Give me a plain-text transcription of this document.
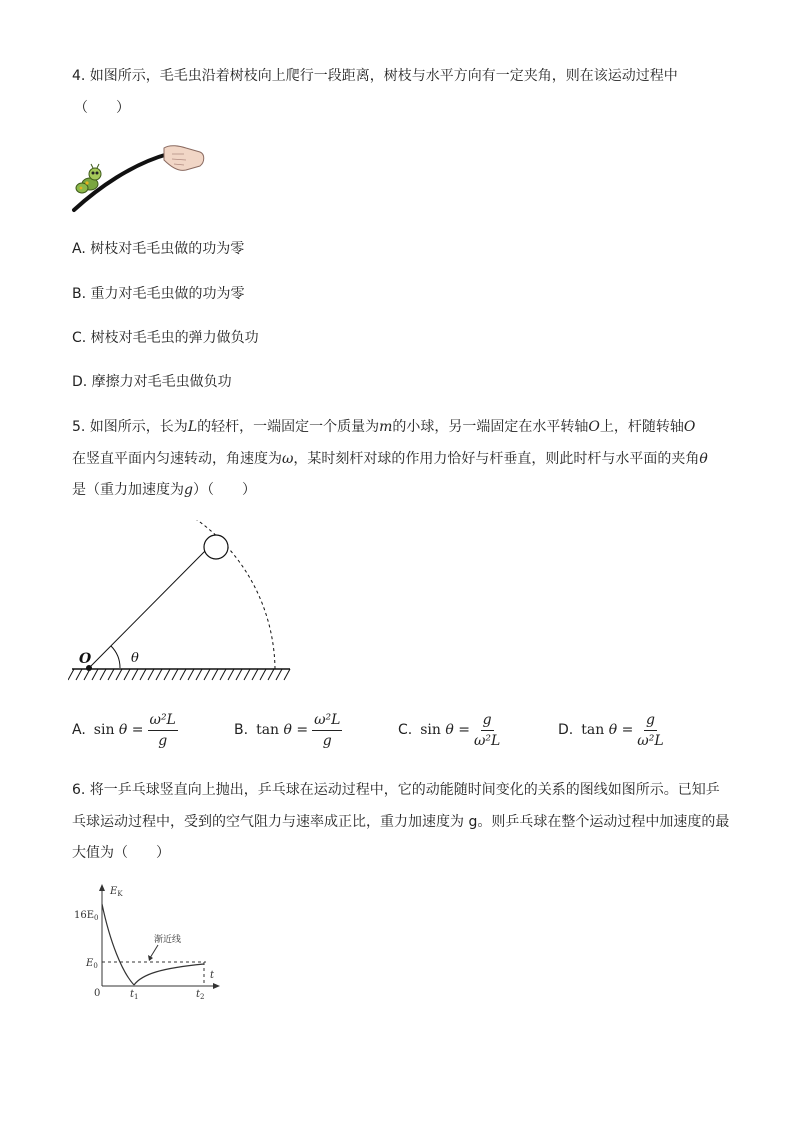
4. 如图所示，毛毛虫沿着树枝向上爬行一段距离，树枝与水平方向有一定夹角，则在该运动过程中
（　　）
A. 树枝对毛毛虫做的功为零
B. 重力对毛毛虫做的功为零
C. 树枝对毛毛虫的弹力做负功
D. 摩擦力对毛毛虫做负功
5. 如图所示，长为L的轻杆，一端固定一个质量为m的小球，另一端固定在水平转轴O上，杆随转轴O
在竖直平面内匀速转动，角速度为ω，某时刻杆对球的作用力恰好与杆垂直，则此时杆与水平面的夹角θ
是（重力加速度为g）（　　）
O	θ
A. sin
$\theta = \frac{\text{ω²L}}{g}$	B. tan
$\theta = \frac{\text{ω²L}}{g}$	C. sin
$\theta = \frac{g}{\text{ω²L}}$	D. tan
$\theta = \frac{g}{\text{ω²L}}$
6. 将一乒乓球竖直向上抛出，乒乓球在运动过程中，它的动能随时间变化的关系的图线如图所示。已知乒
乓球运动过程中，受到的空气阻力与速率成正比，重力加速度为 g。则乒乓球在整个运动过程中加速度的最
大值为（　　）
渐近线
$E_K$
t
$16E_0$
$E_0$
0	$t_1$	$t_2$
